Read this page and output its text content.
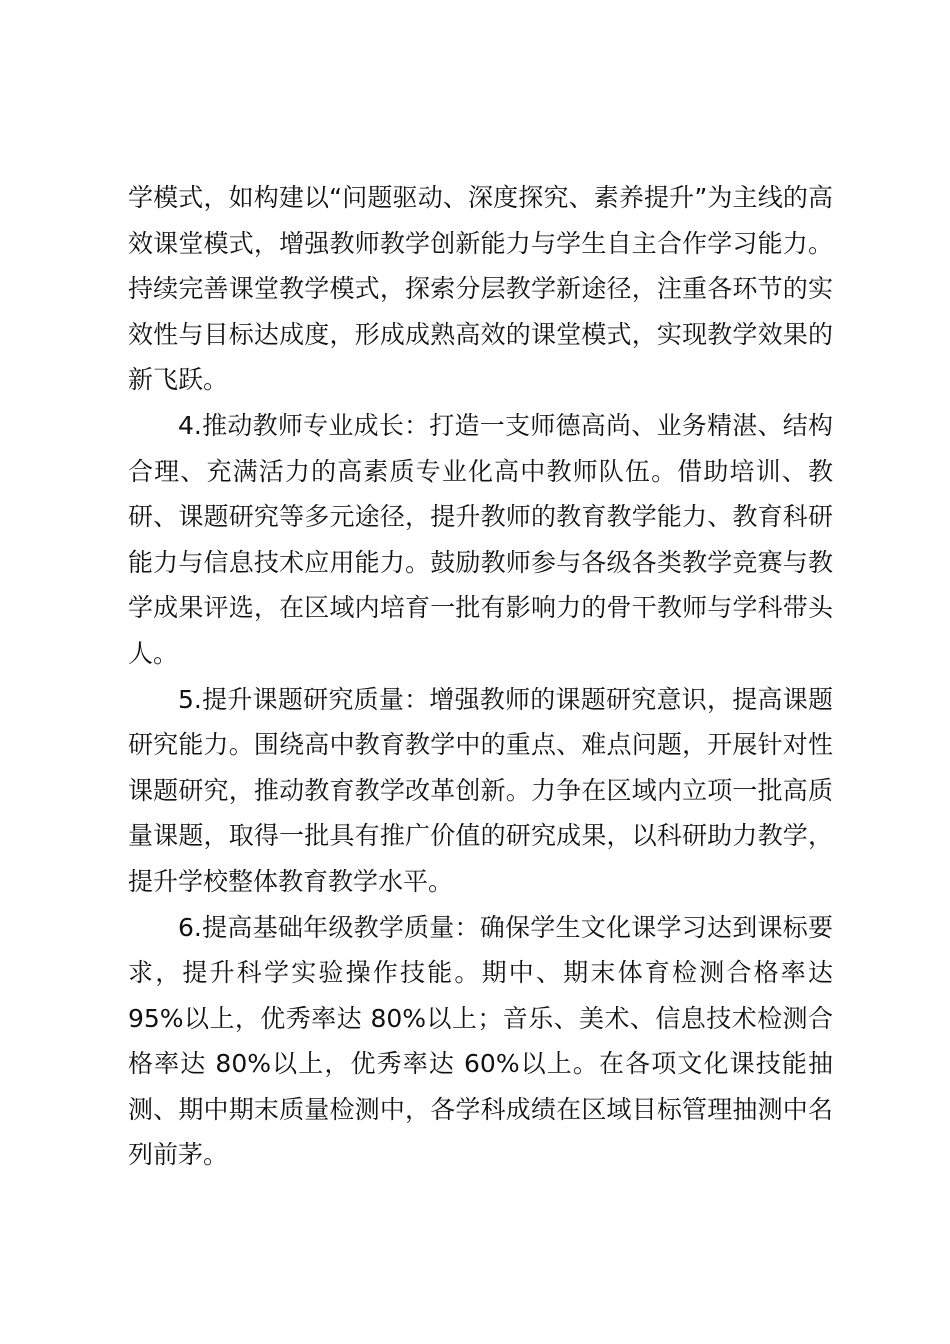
学模式，如构建以“问题驱动、深度探究、素养提升”为主线的高效课堂模式，增强教师教学创新能力与学生自主合作学习能力。持续完善课堂教学模式，探索分层教学新途径，注重各环节的实效性与目标达成度，形成成熟高效的课堂模式，实现教学效果的新飞跃。

4.推动教师专业成长：打造一支师德高尚、业务精湛、结构合理、充满活力的高素质专业化高中教师队伍。借助培训、教研、课题研究等多元途径，提升教师的教育教学能力、教育科研能力与信息技术应用能力。鼓励教师参与各级各类教学竞赛与教学成果评选，在区域内培育一批有影响力的骨干教师与学科带头人。

5.提升课题研究质量：增强教师的课题研究意识，提高课题研究能力。围绕高中教育教学中的重点、难点问题，开展针对性课题研究，推动教育教学改革创新。力争在区域内立项一批高质量课题，取得一批具有推广价值的研究成果，以科研助力教学，提升学校整体教育教学水平。

6.提高基础年级教学质量：确保学生文化课学习达到课标要求，提升科学实验操作技能。期中、期末体育检测合格率达95%以上，优秀率达 80%以上；音乐、美术、信息技术检测合格率达 80%以上，优秀率达 60%以上。在各项文化课技能抽测、期中期末质量检测中，各学科成绩在区域目标管理抽测中名列前茅。
